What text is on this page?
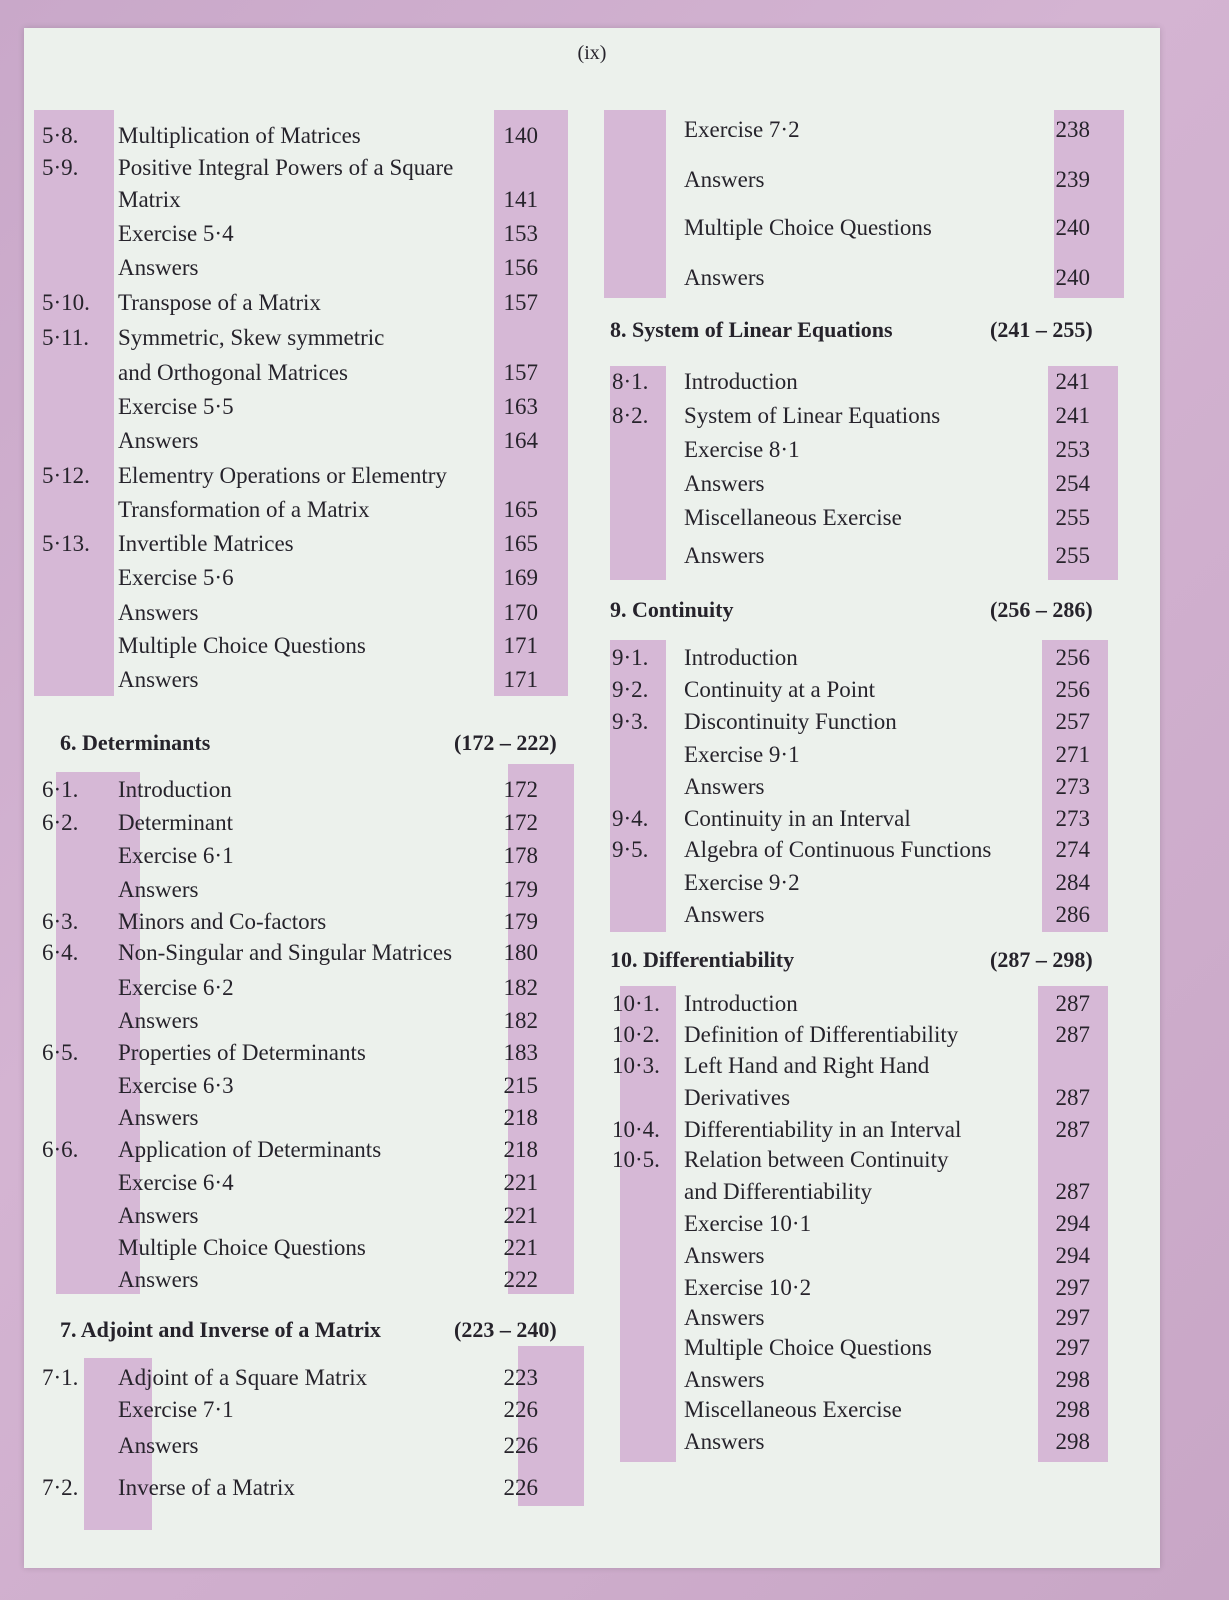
(ix)
5·8. Multiplication of Matrices	140
5·9. Positive Integral Powers of a Square
Matrix	141
Exercise 5·4	153
Answers	156
5·10. Transpose of a Matrix	157
5·11. Symmetric, Skew symmetric
and Orthogonal Matrices	157
Exercise 5·5	163
Answers	164
5·12. Elementry Operations or Elementry
Transformation of a Matrix	165
5·13. Invertible Matrices	165
Exercise 5·6	169
Answers	170
Multiple Choice Questions	171
Answers	171
6. Determinants	(172 – 222)
6·1. Introduction	172
6·2. Determinant	172
Exercise 6·1	178
Answers	179
6·3. Minors and Co-factors	179
6·4. Non-Singular and Singular Matrices	180
Exercise 6·2	182
Answers	182
6·5. Properties of Determinants	183
Exercise 6·3	215
Answers	218
6·6. Application of Determinants	218
Exercise 6·4	221
Answers	221
Multiple Choice Questions	221
Answers	222
7. Adjoint and Inverse of a Matrix	(223 – 240)
7·1. Adjoint of a Square Matrix	223
Exercise 7·1	226
Answers	226
7·2. Inverse of a Matrix	226
Exercise 7·2	238
Answers	239
Multiple Choice Questions	240
Answers	240
8. System of Linear Equations	(241 – 255)
8·1. Introduction	241
8·2. System of Linear Equations	241
Exercise 8·1	253
Answers	254
Miscellaneous Exercise	255
Answers	255
9. Continuity	(256 – 286)
9·1. Introduction	256
9·2. Continuity at a Point	256
9·3. Discontinuity Function	257
Exercise 9·1	271
Answers	273
9·4. Continuity in an Interval	273
9·5. Algebra of Continuous Functions	274
Exercise 9·2	284
Answers	286
10. Differentiability	(287 – 298)
10·1. Introduction	287
10·2. Definition of Differentiability	287
10·3. Left Hand and Right Hand
Derivatives	287
10·4. Differentiability in an Interval	287
10·5. Relation between Continuity
and Differentiability	287
Exercise 10·1	294
Answers	294
Exercise 10·2	297
Answers	297
Multiple Choice Questions	297
Answers	298
Miscellaneous Exercise	298
Answers	298
